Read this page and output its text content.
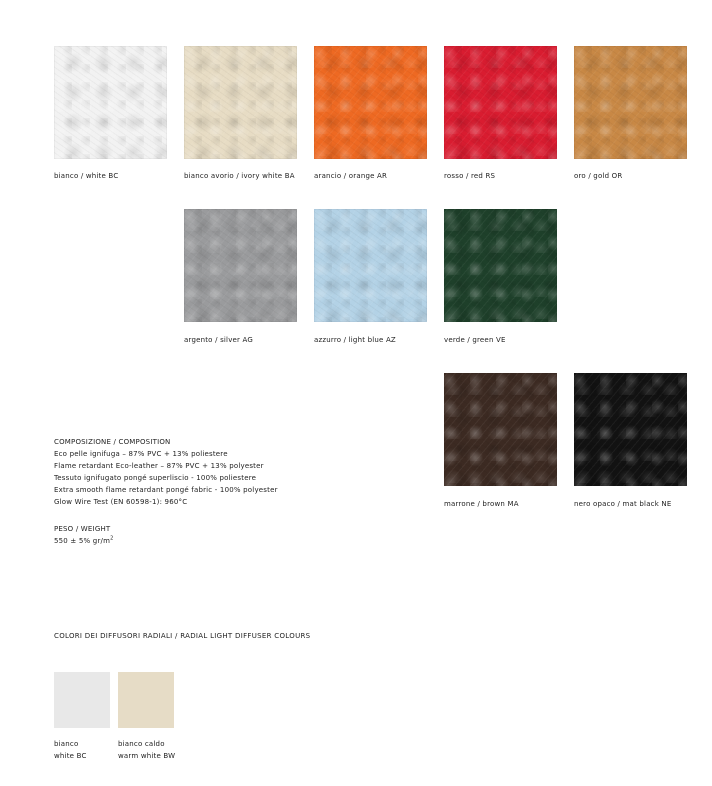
bianco / white BC	bianco avorio / ivory white BA	arancio / orange AR	rosso / red RS	oro / gold OR
argento / silver AG	azzurro / light blue AZ	verde / green VE
marrone / brown MA	nero opaco / mat black NE
COMPOSIZIONE / COMPOSITION
Eco pelle ignifuga – 87% PVC + 13% poliestere
Flame retardant Eco-leather – 87% PVC + 13% polyester
Tessuto ignifugato pongé superliscio - 100% poliestere
Extra smooth flame retardant pongé fabric - 100% polyester
Glow Wire Test (EN 60598-1): 960°C
PESO / WEIGHT
550 ± 5% $gr/m^2$
COLORI DEI DIFFUSORI RADIALI / RADIAL LIGHT DIFFUSER COLOURS
bianco
white BC
bianco caldo
warm white BW
